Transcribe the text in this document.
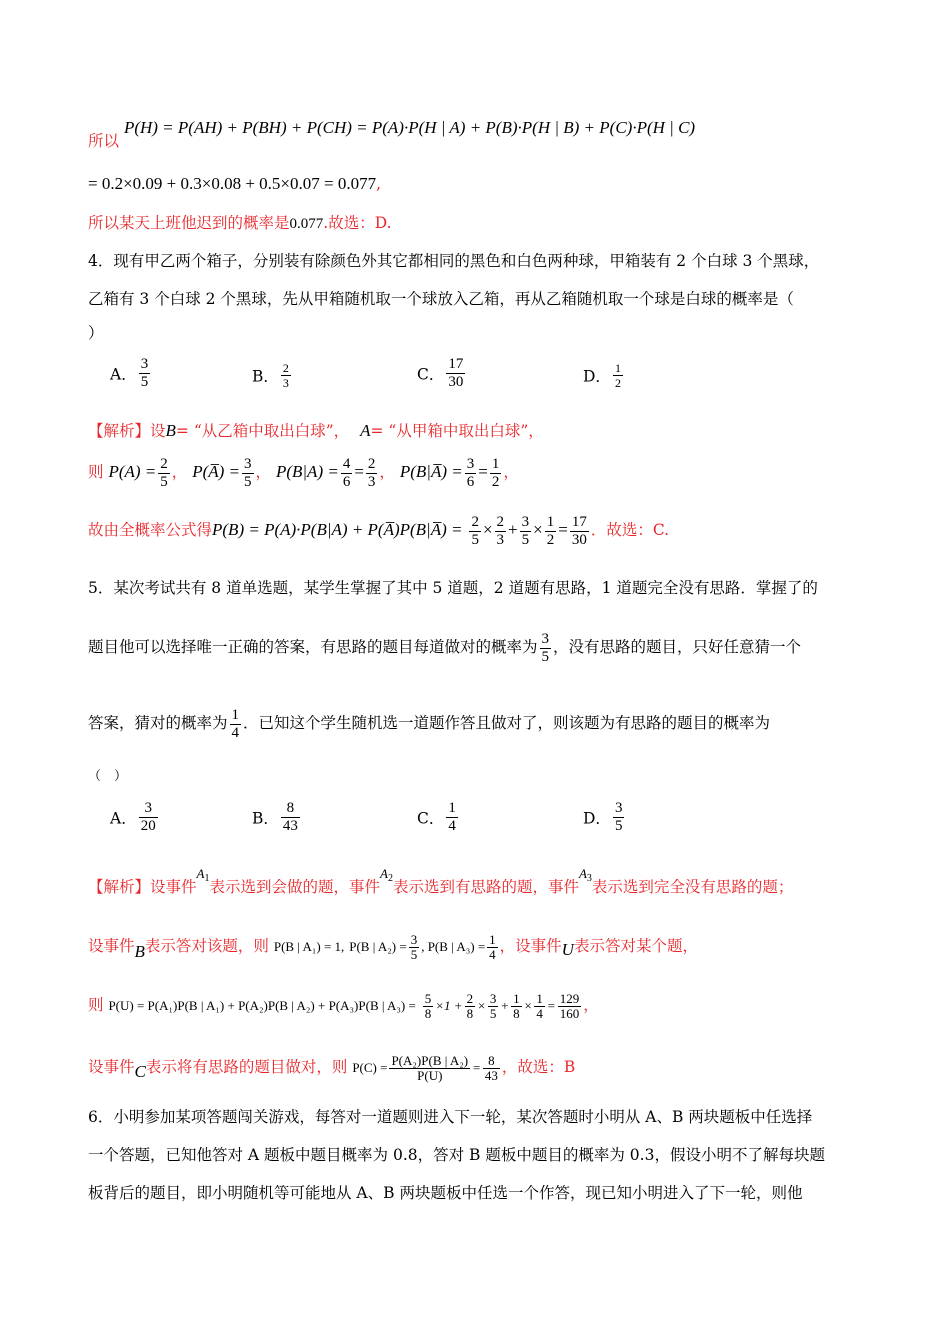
所以 P(H) = P(AH) + P(BH) + P(CH) = P(A)·P(H | A) + P(B)·P(H | B) + P(C)·P(H | C)
= 0.2×0.09 + 0.3×0.08 + 0.5×0.07 = 0.077,
所以某天上班他迟到的概率是0.077.故选：D.
4．现有甲乙两个箱子，分别装有除颜色外其它都相同的黑色和白色两种球，甲箱装有 2 个白球 3 个黑球，
乙箱有 3 个白球 2 个黑球，先从甲箱随机取一个球放入乙箱，再从乙箱随机取一个球是白球的概率是（
）
A． $\frac{3}{5}$	B． $\frac{2}{3}$	C． $\frac{17}{30}$	D． $\frac{1}{2}$
【解析】设B= “从乙箱中取出白球”， A= “从甲箱中取出白球”，
则 $P(A) = \frac{2}{5}$ ， P(A̅) = $\frac{3}{5}$ ， $P(B|A) = \frac{4}{6} = \frac{2}{3}$ ， P(B|A̅) = $\frac{3}{6} = \frac{1}{2}$ ，
故由全概率公式得P(B) = P(A)·P(B|A) + P(A̅)P(B|A̅) = $\frac{2}{5} \times \frac{2}{3} + \frac{3}{5} \times \frac{1}{2} = \frac{17}{30}$ ．故选：C.
5．某次考试共有 8 道单选题，某学生掌握了其中 5 道题，2 道题有思路，1 道题完全没有思路．掌握了的
题目他可以选择唯一正确的答案，有思路的题目每道做对的概率为 $\frac{3}{5}$ ，没有思路的题目，只好任意猜一个
答案，猜对的概率为 $\frac{1}{4}$ ．已知这个学生随机选一道题作答且做对了，则该题为有思路的题目的概率为
（　）
A． $\frac{3}{20}$	B． $\frac{8}{43}$	C． $\frac{1}{4}$	D． $\frac{3}{5}$
【解析】设事件$^{A_1}$表示选到会做的题，事件$^{A_2}$表示选到有思路的题，事件$^{A_3}$表示选到完全没有思路的题；
设事件B表示答对该题，则 P(B | A₁) = 1, P(B | $A_2) = \frac{3}{5}$ , P(B | $A_3) = \frac{1}{4}$ ，设事件U表示答对某个题，
则 P(U) = P(A₁)P(B | A₁) + P(A₂)P(B | A₂) + P(A₃)P(B | $A_3) = \frac{5}{8} \times 1 + \frac{2}{8} \times \frac{3}{5} + \frac{1}{8} \times \frac{1}{4} = \frac{129}{160}$ ，
设事件C表示将有思路的题目做对，则 $P(C) = \frac{\text{P(A₂)P(B | A₂)}}{P(U)} = \frac{8}{43}$ ，故选：B
6．小明参加某项答题闯关游戏，每答对一道题则进入下一轮，某次答题时小明从 A、B 两块题板中任选择
一个答题，已知他答对 A 题板中题目概率为 0.8，答对 B 题板中题目的概率为 0.3，假设小明不了解每块题
板背后的题目，即小明随机等可能地从 A、B 两块题板中任选一个作答，现已知小明进入了下一轮，则他
